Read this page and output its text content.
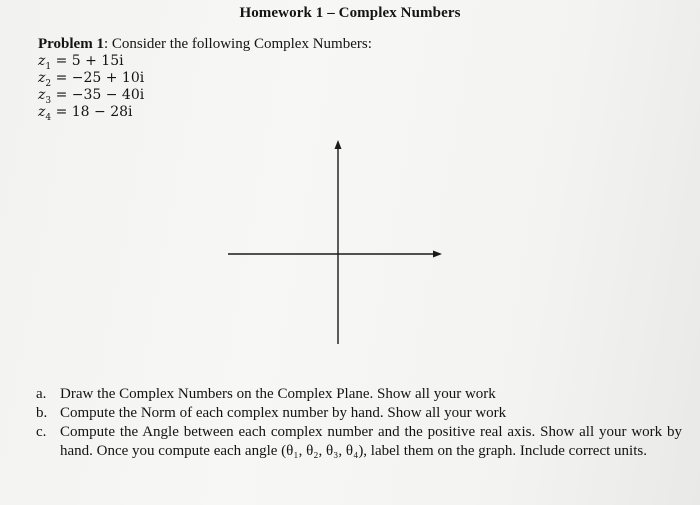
Homework 1 – Complex Numbers
Problem 1: Consider the following Complex Numbers:
$z_1 = 5 + 15i$
$z_2 = -25 + 10i$
$z_3 = -35 - 40i$
$z_4 = 18 - 28i$
a. Draw the Complex Numbers on the Complex Plane. Show all your work
b. Compute the Norm of each complex number by hand. Show all your work
c. Compute the Angle between each complex number and the positive real axis. Show all your work by hand. Once you compute each angle (θ₁, θ₂, θ₃, θ₄), label them on the graph. Include correct units.
